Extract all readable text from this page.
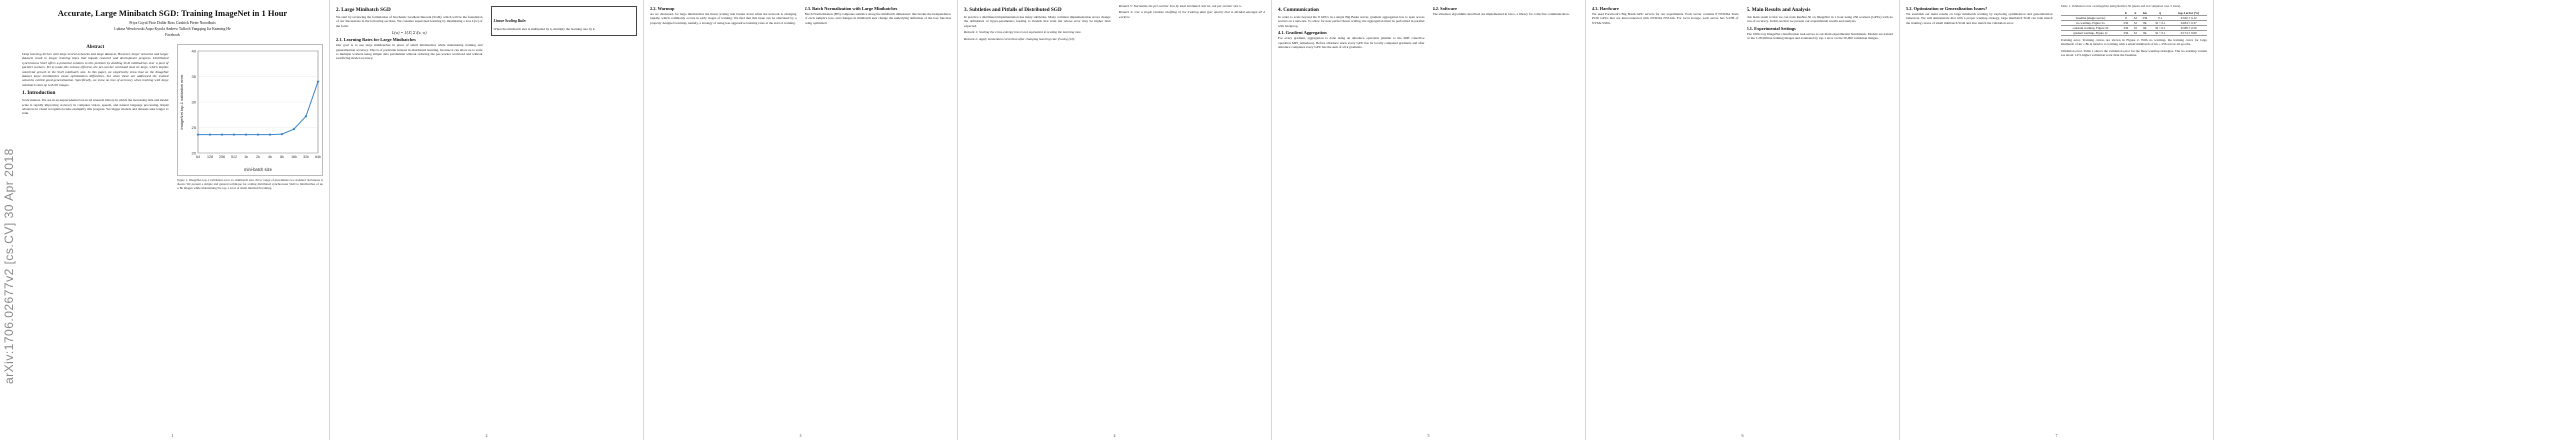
arXiv:1706.02677v2 [cs.CV] 30 Apr 2018
Accurate, Large Minibatch SGD: Training ImageNet in 1 Hour
Priya Goyal Piotr Dollár Ross Girshick Pieter Noordhuis
Lukasz Wesolowski Aapo Kyrola Andrew Tulloch Yangqing Jia Kaiming He
Facebook
Abstract

Deep learning thrives with large neural networks and large datasets. However, larger networks and larger datasets result in longer training times that impede research and development progress. Distributed synchronous SGD offers a potential solution to this problem by dividing SGD minibatches over a pool of parallel workers. Yet to make this scheme efficient, the per-worker workload must be large, which implies nontrivial growth in the SGD minibatch size. In this paper, we empirically show that on the ImageNet dataset large minibatches cause optimization difficulties, but when these are addressed the trained networks exhibit good generalization. Specifically, we show no loss of accuracy when training with large minibatch sizes up to 8192 images.

1. Introduction

Scale matters. We are in an unprecedented era in AI research history in which the increasing data and model scale is rapidly improving accuracy in computer vision, speech, and natural language processing. Rapid advances in visual recognition tasks exemplify this progress. Yet bigger models and datasets take longer to train.

20
25
30
35
40
64 128 256 512 1k 2k 4k 8k 16k 32k 64k
mini-batch size
ImageNet top-1 validation error
Figure 1. ImageNet top-1 validation error vs. minibatch size. Error range of plus/minus two standard deviations is shown. We present a simple and general technique for scaling distributed synchronous SGD to minibatches of up to 8k images while maintaining the top-1 error of small minibatch training.
1
2. Large Minibatch SGD

We start by reviewing the formulation of Stochastic Gradient Descent (SGD), which will be the foundation of our discussions in the following sections. We consider supervised learning by minimizing a loss L(w) of the form:

L(w) = 1/|X| Σ l(x, w)
2.1. Learning Rates for Large Minibatches

Our goal is to use large minibatches in place of small minibatches while maintaining training and generalization accuracy. This is of particular interest in distributed learning, because it can allow us to scale to multiple workers using simple data parallelism without reducing the per-worker workload and without sacrificing model accuracy.

Linear Scaling Rule:

When the minibatch size is multiplied by k, multiply the learning rate by k.

2
2.2. Warmup

As we discussed, for large minibatches the linear scaling rule breaks down when the network is changing rapidly, which commonly occurs in early stages of training. We find that this issue can be alleviated by a properly designed warmup, namely, a strategy of using less aggressive learning rates at the start of training.

2.3. Batch Normalization with Large Minibatches

Batch Normalization (BN) computes statistics along the minibatch dimension: this breaks the independence of each sample's loss, and changes in minibatch size change the underlying definition of the loss function being optimized.

3
3. Subtleties and Pitfalls of Distributed SGD

In practice a distributed implementation has many subtleties. Many common implementation errors change the definitions of hyper-parameters, leading to models that train but whose error may be higher than expected.

Remark 1: Scaling the cross-entropy loss is not equivalent to scaling the learning rate.

Remark 2: Apply momentum correction after changing learning rate if using (10).

Remark 3: Normalize the per-worker loss by total minibatch size kn, not per-worker size n.

Remark 4: Use a single random shuffling of the training data (per epoch) that is divided amongst all k workers.

4
4. Communication

In order to scale beyond the 8 GPUs in a single Big Basin server, gradient aggregation has to span across servers on a network. To allow for near perfect linear scaling, the aggregation must be performed in parallel with backprop.

4.1. Gradient Aggregation

For every gradient, aggregation is done using an allreduce operation (similar to the MPI collective operation MPI_Allreduce). Before allreduce starts every GPU has its locally computed gradients and after allreduce completes every GPU has the sum of all k gradients.

4.2. Software

The allreduce algorithms described are implemented in Gloo, a library for collective communication.

5
4.3. Hardware

We used Facebook's Big Basin GPU servers for our experiments. Each server contains 8 NVIDIA Tesla P100 GPUs that are interconnected with NVIDIA NVLink. For local storage, each server has 3.2TB of NVMe SSDs.

5. Main Results and Analysis

Our main result is that we can train ResNet-50 on ImageNet in 1 hour using 256 workers (GPUs) with no loss of accuracy. In this section we present our experimental results and analysis.

5.1. Experimental Settings

The 1000-way ImageNet classification task serves as our main experimental benchmark. Models are trained on the 1.28 million training images and evaluated by top-1 error on the 50,000 validation images.

6
5.2. Optimization or Generalization Issues?

We establish our main results on large minibatch training by exploring optimization and generalization behaviors. We will demonstrate that with a proper warmup strategy, large minibatch SGD can both match the training curves of small minibatch SGD and also match the validation error.

Table 1. Validation error on ImageNet using ResNet-50 (mean and std computed over 5 trials).
	k	n	kn	η	top-1 error (%)
baseline (single server)	8	32	256	0.1	23.60 ± 0.12
no warmup, Figure 2a	256	32	8k	32 × 0.1	24.84 ± 0.37
constant warmup, Figure 2b	256	32	8k	32 × 0.1	25.88 ± 0.56
gradual warmup, Figure 2c	256	32	8k	32 × 0.1	23.74 ± 0.09

Training error. Training curves are shown in Figure 2. With no warmup, the training curve for large minibatch of kn = 8k is inferior to training with a small minibatch of kn = 256 across all epochs.

Validation error. Table 1 shows the validation error for the three warmup strategies. The no-warmup variant has about 1.2% higher validation error than the baseline.

7
